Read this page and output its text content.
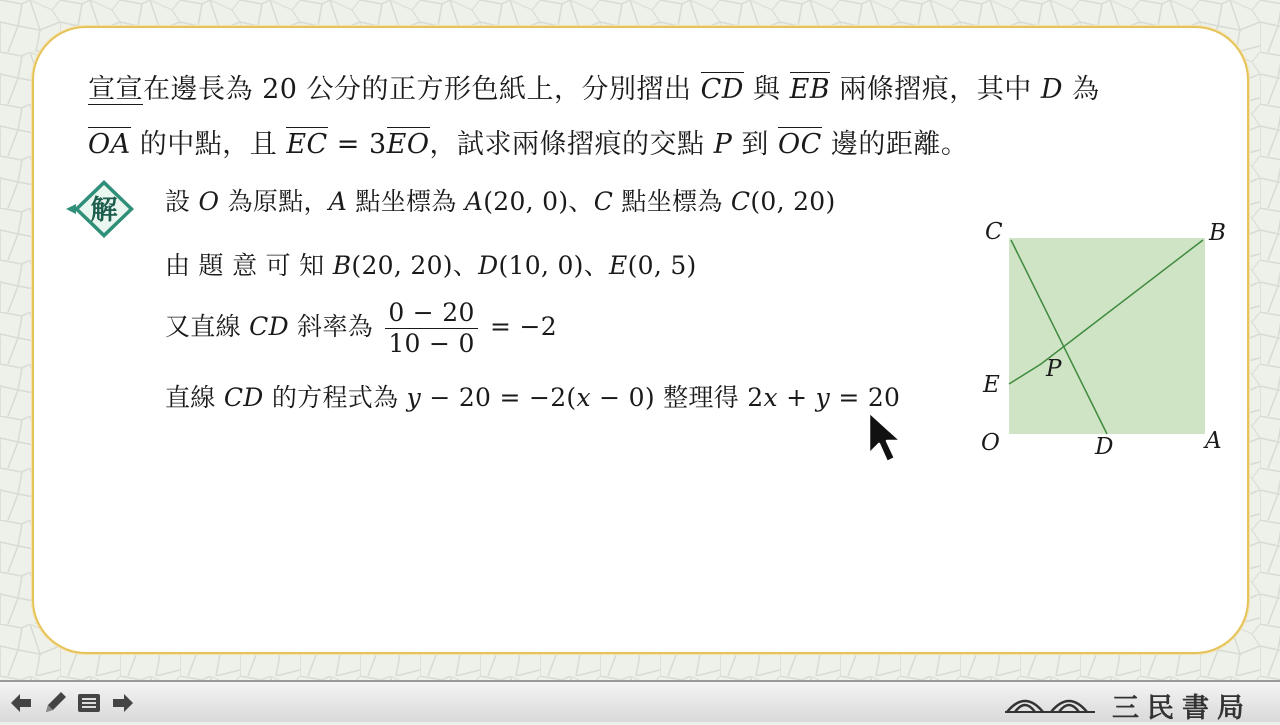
宣宣在邊長為 20 公分的正方形色紙上，分別摺出 CD 與 EB 兩條摺痕，其中 D 為
OA 的中點，且 EC = 3EO，試求兩條摺痕的交點 P 到 OC 邊的距離。
解 設 O 為原點，A 點坐標為 A(20, 0)、C 點坐標為 C(0, 20)
由 題 意 可 知 B(20, 20)、D(10, 0)、E(0, 5)
又直線 CD 斜率為 $\frac{0 - 20}{10 - 0} = -2$
直線 CD 的方程式為 y − 20 = −2(x − 0) 整理得 2x + y = 20
C	B
E
P
O	D	A
三民書局
